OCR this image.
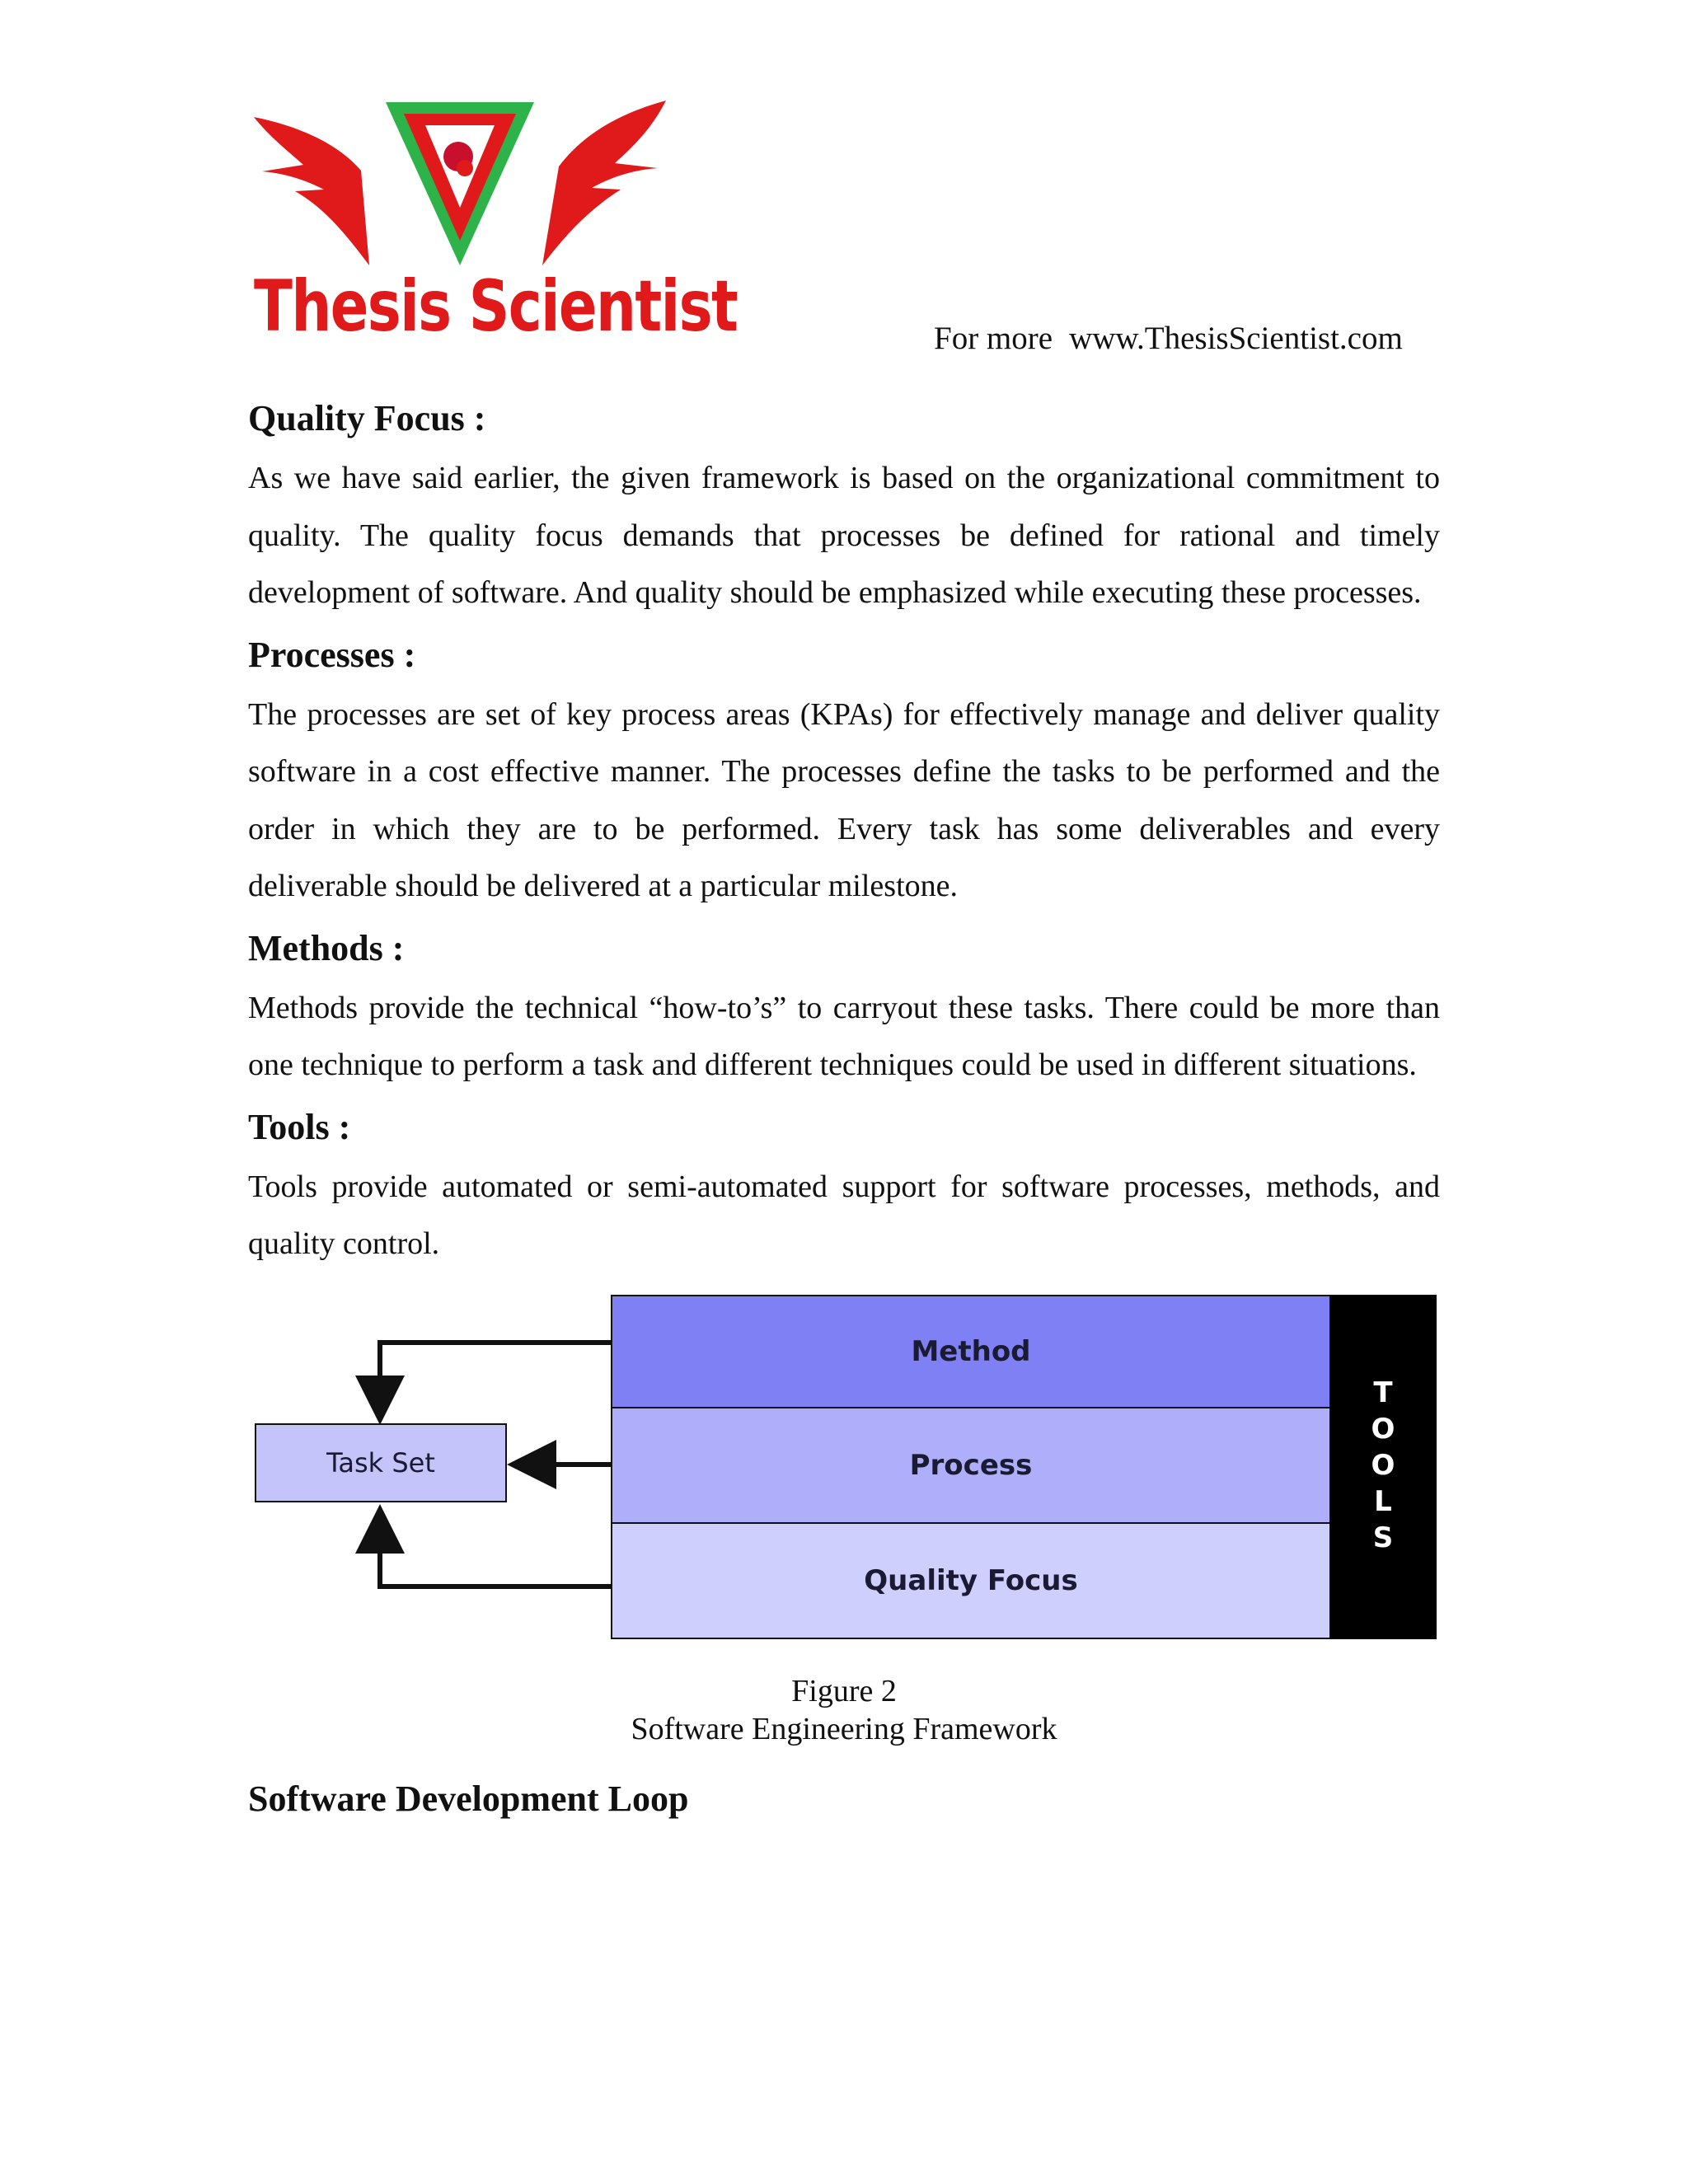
Thesis Scientist	For more www.ThesisScientist.com
Quality Focus :

As we have said earlier, the given framework is based on the organizational commitment to quality. The quality focus demands that processes be defined for rational and timely development of software. And quality should be emphasized while executing these processes.

Processes :

The processes are set of key process areas (KPAs) for effectively manage and deliver quality software in a cost effective manner. The processes define the tasks to be performed and the order in which they are to be performed. Every task has some deliverables and every deliverable should be delivered at a particular milestone.

Methods :

Methods provide the technical “how-to’s” to carryout these tasks. There could be more than one technique to perform a task and different techniques could be used in different situations.

Tools :

Tools provide automated or semi-automated support for software processes, methods, and quality control.

Method
Process
Quality Focus
TOOLS
Task Set
Figure 2
Software Engineering Framework
Software Development Loop
